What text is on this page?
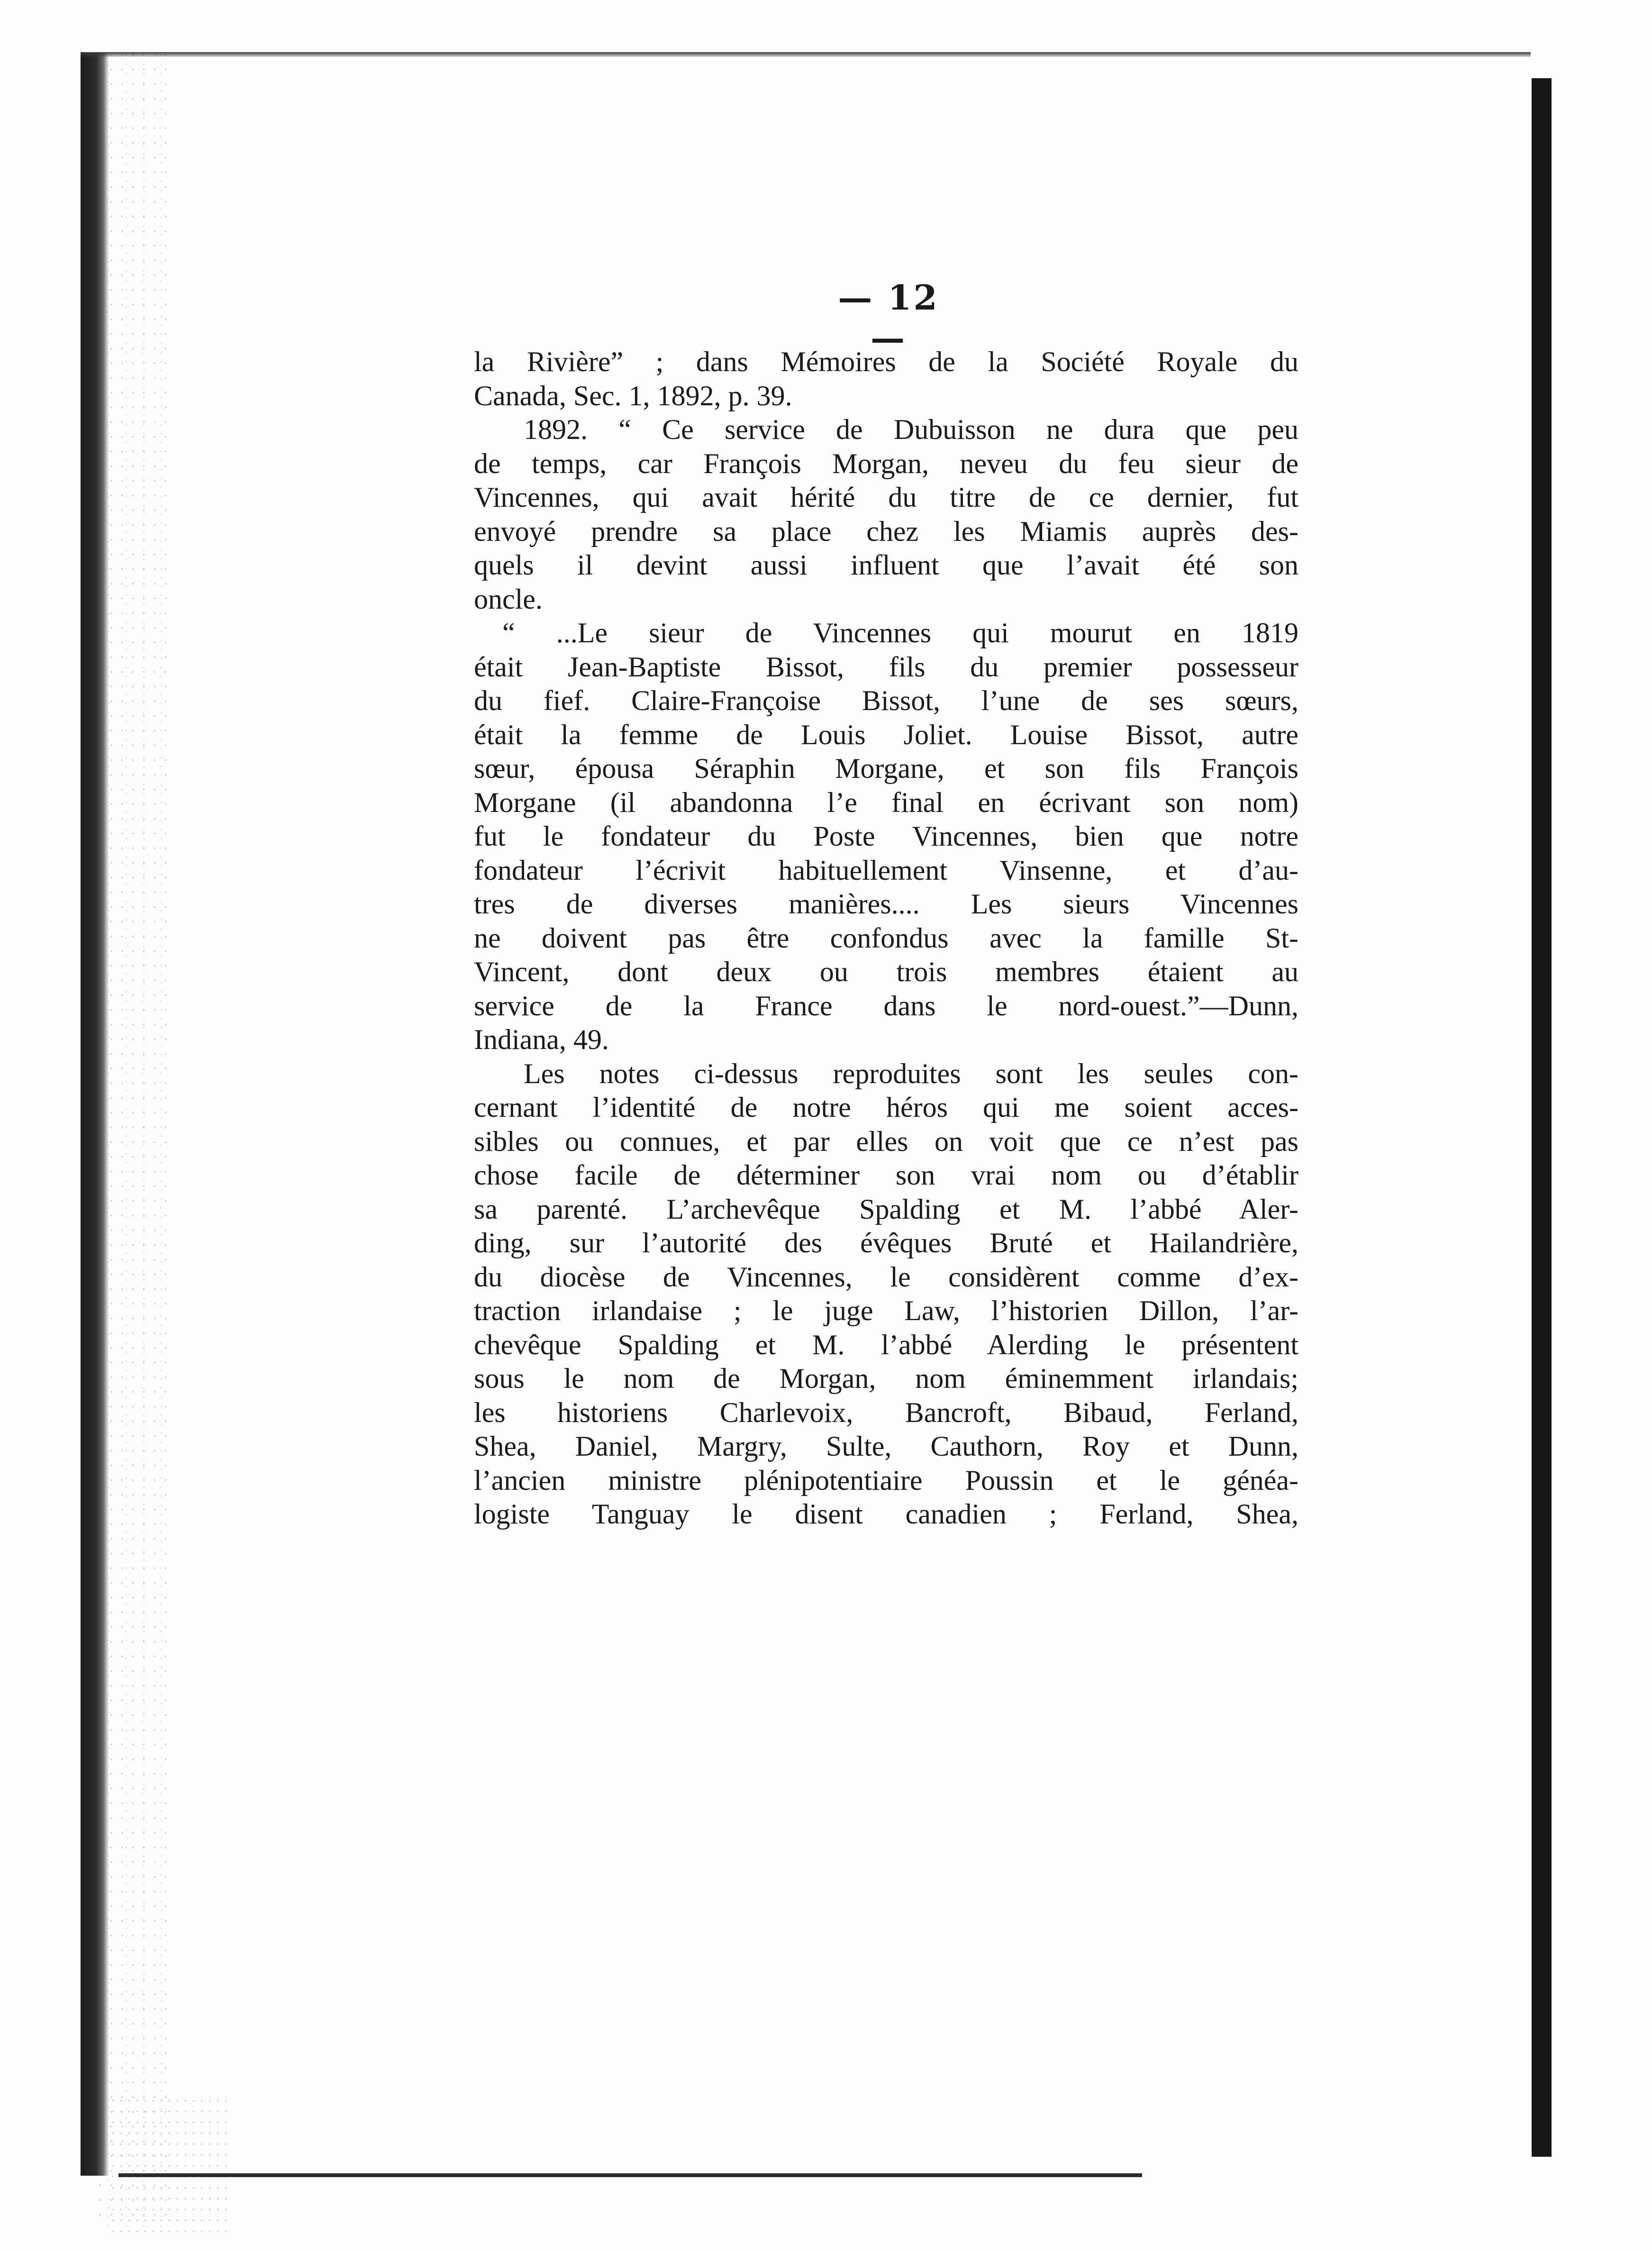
— 12 —
la Rivière” ; dans Mémoires de la Société Royale du
Canada, Sec. 1, 1892, p. 39.
1892. “ Ce service de Dubuisson ne dura que peu
de temps, car François Morgan, neveu du feu sieur de
Vincennes, qui avait hérité du titre de ce dernier, fut
envoyé prendre sa place chez les Miamis auprès des-
quels il devint aussi influent que l’avait été son
oncle.
“ ...Le sieur de Vincennes qui mourut en 1819
était Jean-Baptiste Bissot, fils du premier possesseur
du fief. Claire-Françoise Bissot, l’une de ses sœurs,
était la femme de Louis Joliet. Louise Bissot, autre
sœur, épousa Séraphin Morgane, et son fils François
Morgane (il abandonna l’e final en écrivant son nom)
fut le fondateur du Poste Vincennes, bien que notre
fondateur l’écrivit habituellement Vinsenne, et d’au-
tres de diverses manières.... Les sieurs Vincennes
ne doivent pas être confondus avec la famille St-
Vincent, dont deux ou trois membres étaient au
service de la France dans le nord-ouest.”—Dunn,
Indiana, 49.
Les notes ci-dessus reproduites sont les seules con-
cernant l’identité de notre héros qui me soient acces-
sibles ou connues, et par elles on voit que ce n’est pas
chose facile de déterminer son vrai nom ou d’établir
sa parenté. L’archevêque Spalding et M. l’abbé Aler-
ding, sur l’autorité des évêques Bruté et Hailandrière,
du diocèse de Vincennes, le considèrent comme d’ex-
traction irlandaise ; le juge Law, l’historien Dillon, l’ar-
chevêque Spalding et M. l’abbé Alerding le présentent
sous le nom de Morgan, nom éminemment irlandais;
les historiens Charlevoix, Bancroft, Bibaud, Ferland,
Shea, Daniel, Margry, Sulte, Cauthorn, Roy et Dunn,
l’ancien ministre plénipotentiaire Poussin et le généa-
logiste Tanguay le disent canadien ; Ferland, Shea,
